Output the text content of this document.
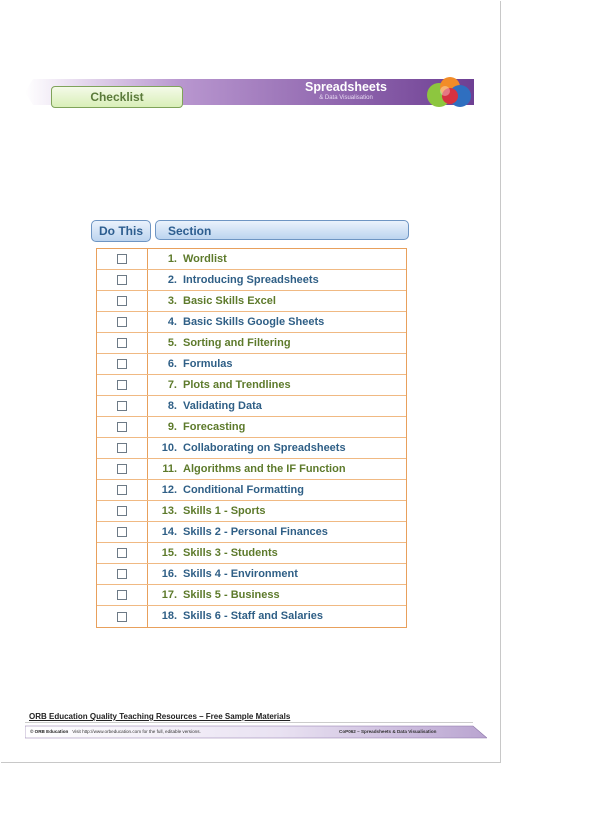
Checklist
Spreadsheets
& Data Visualisation
Do This	Section
1. Wordlist
2. Introducing Spreadsheets
3. Basic Skills Excel
4. Basic Skills Google Sheets
5. Sorting and Filtering
6. Formulas
7. Plots and Trendlines
8. Validating Data
9. Forecasting
10. Collaborating on Spreadsheets
11. Algorithms and the IF Function
12. Conditional Formatting
13. Skills 1 - Sports
14. Skills 2 - Personal Finances
15. Skills 3 - Students
16. Skills 4 - Environment
17. Skills 5 - Business
18. Skills 6 - Staff and Salaries
ORB Education Quality Teaching Resources – Free Sample Materials
© ORB Education Visit http://www.orbeducation.com for the full, editable versions.	CoP062 – Spreadsheets & Data Visualisation
